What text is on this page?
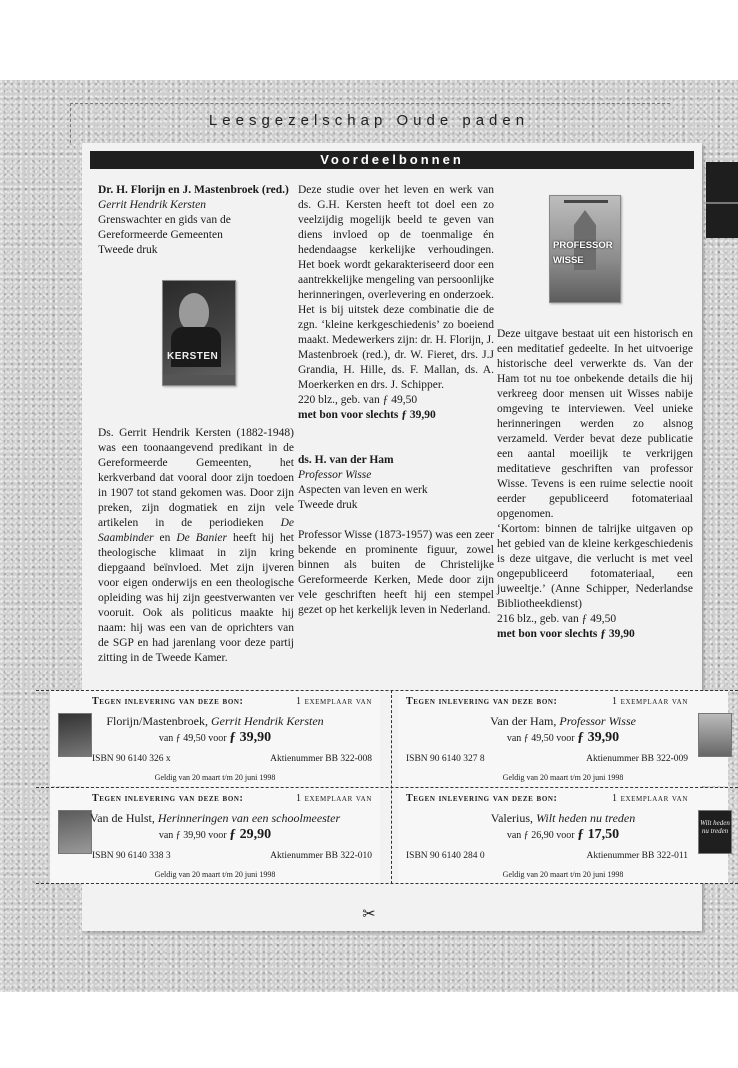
Leesgezelschap Oude paden
Voordeelbonnen

Dr. H. Florijn en J. Mastenbroek (red.)

Gerrit Hendrik Kersten

Grenswachter en gids van de Gereformeerde Gemeenten

Tweede druk

KERSTEN

Ds. Gerrit Hendrik Kersten (1882-1948) was een toonaangevend predikant in de Gereformeerde Gemeenten, het kerkverband dat vooral door zijn toedoen in 1907 tot stand gekomen was. Door zijn preken, zijn dogmatiek en zijn vele artikelen in de periodieken De Saambinder en De Banier heeft hij het theologische klimaat in zijn kring diepgaand beïnvloed. Met zijn ijveren voor eigen onderwijs en een theologische opleiding was hij zijn geestverwanten ver vooruit. Ook als politicus maakte hij naam: hij was een van de oprichters van de SGP en had jarenlang voor deze partij zitting in de Tweede Kamer.

Deze studie over het leven en werk van ds. G.H. Kersten heeft tot doel een zo veelzijdig mogelijk beeld te geven van diens invloed op de toenmalige én hedendaagse kerkelijke verhoudingen. Het boek wordt gekarakteriseerd door een aantrekkelijke mengeling van persoonlijke herinneringen, overlevering en onderzoek. Het is bij uitstek deze combinatie die de zgn. ‘kleine kerkgeschiedenis’ zo boeiend maakt. Medewerkers zijn: dr. H. Florijn, J. Mastenbroek (red.), dr. W. Fieret, drs. J.J Grandia, H. Hille, ds. F. Mallan, ds. A. Moerkerken en drs. J. Schipper.

220 blz., geb. van ƒ 49,50

met bon voor slechts ƒ 39,90

ds. H. van der Ham

Professor Wisse

Aspecten van leven en werk

Tweede druk

Professor Wisse (1873-1957) was een zeer bekende en prominente figuur, zowel binnen als buiten de Christelijke Gereformeerde Kerken, Mede door zijn vele geschriften heeft hij een stempel gezet op het kerkelijk leven in Nederland.

PROFESSOR WISSE

Deze uitgave bestaat uit een historisch en een meditatief gedeelte. In het uitvoerige historische deel verwerkte ds. Van der Ham tot nu toe onbekende details die hij verkreeg door mensen uit Wisses nabije omgeving te interviewen. Veel unieke herinneringen werden zo alsnog verzameld. Verder bevat deze publicatie een aantal moeilijk te verkrijgen meditatieve geschriften van professor Wisse. Tevens is een ruime selectie nooit eerder gepubliceerd fotomateriaal opgenomen.

‘Kortom: binnen de talrijke uitgaven op het gebied van de kleine kerkgeschiedenis is deze uitgave, die verlucht is met veel ongepubliceerd fotomateriaal, een juweeltje.’ (Anne Schipper, Nederlandse Bibliotheekdienst)

216 blz., geb. van ƒ 49,50

met bon voor slechts ƒ 39,90

Tegen inlevering van deze bon:	1 exemplaar van
Florijn/Mastenbroek, Gerrit Hendrik Kersten
van ƒ 49,50 voor ƒ 39,90
ISBN 90 6140 326 x	Aktienummer BB 322-008
Geldig van 20 maart t/m 20 juni 1998
Tegen inlevering van deze bon:	1 exemplaar van
Van der Ham, Professor Wisse
van ƒ 49,50 voor ƒ 39,90
ISBN 90 6140 327 8	Aktienummer BB 322-009
Geldig van 20 maart t/m 20 juni 1998
Tegen inlevering van deze bon:	1 exemplaar van
Van de Hulst, Herinneringen van een schoolmeester
van ƒ 39,90 voor ƒ 29,90
ISBN 90 6140 338 3	Aktienummer BB 322-010
Geldig van 20 maart t/m 20 juni 1998
Wilt heden nu treden
Tegen inlevering van deze bon:	1 exemplaar van
Valerius, Wilt heden nu treden
van ƒ 26,90 voor ƒ 17,50
ISBN 90 6140 284 0	Aktienummer BB 322-011
Geldig van 20 maart t/m 20 juni 1998
✂
